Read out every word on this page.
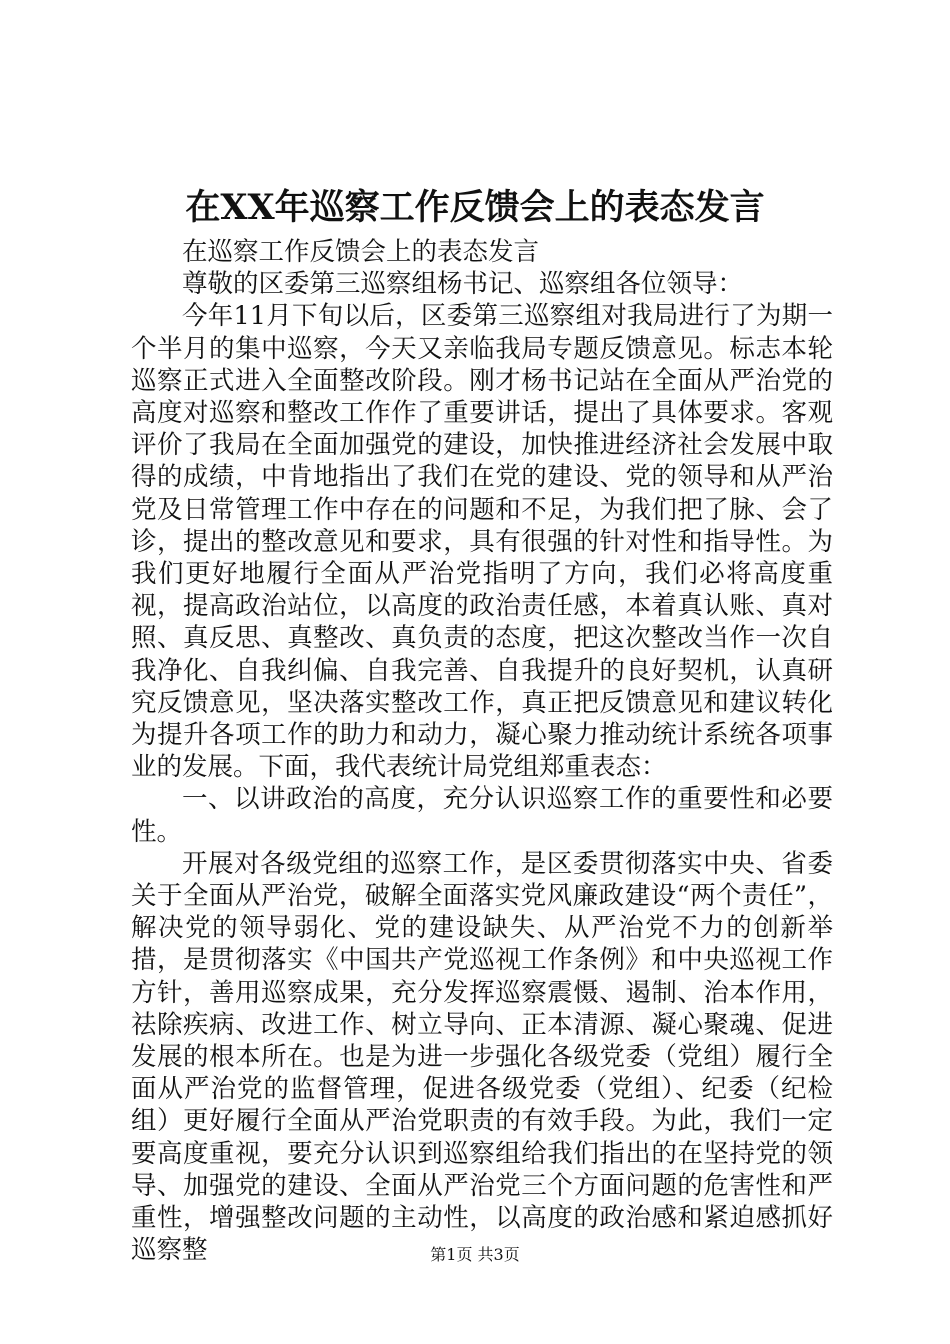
在XX年巡察工作反馈会上的表态发言

在巡察工作反馈会上的表态发言

尊敬的区委第三巡察组杨书记、巡察组各位领导：

今年11月下旬以后，区委第三巡察组对我局进行了为期一个半月的集中巡察，今天又亲临我局专题反馈意见。标志本轮巡察正式进入全面整改阶段。刚才杨书记站在全面从严治党的高度对巡察和整改工作作了重要讲话，提出了具体要求。客观评价了我局在全面加强党的建设，加快推进经济社会发展中取得的成绩，中肯地指出了我们在党的建设、党的领导和从严治党及日常管理工作中存在的问题和不足，为我们把了脉、会了诊，提出的整改意见和要求，具有很强的针对性和指导性。为我们更好地履行全面从严治党指明了方向，我们必将高度重视，提高政治站位，以高度的政治责任感，本着真认账、真对照、真反思、真整改、真负责的态度，把这次整改当作一次自我净化、自我纠偏、自我完善、自我提升的良好契机，认真研究反馈意见，坚决落实整改工作，真正把反馈意见和建议转化为提升各项工作的助力和动力，凝心聚力推动统计系统各项事业的发展。下面，我代表统计局党组郑重表态：

一、以讲政治的高度，充分认识巡察工作的重要性和必要性。

开展对各级党组的巡察工作，是区委贯彻落实中央、省委关于全面从严治党，破解全面落实党风廉政建设“两个责任”，解决党的领导弱化、党的建设缺失、从严治党不力的创新举措，是贯彻落实《中国共产党巡视工作条例》和中央巡视工作方针，善用巡察成果，充分发挥巡察震慑、遏制、治本作用，祛除疾病、改进工作、树立导向、正本清源、凝心聚魂、促进发展的根本所在。也是为进一步强化各级党委（党组）履行全面从严治党的监督管理，促进各级党委（党组）、纪委（纪检组）更好履行全面从严治党职责的有效手段。为此，我们一定要高度重视，要充分认识到巡察组给我们指出的在坚持党的领导、加强党的建设、全面从严治党三个方面问题的危害性和严重性，增强整改问题的主动性，以高度的政治感和紧迫感抓好巡察整	第1页 共3页
